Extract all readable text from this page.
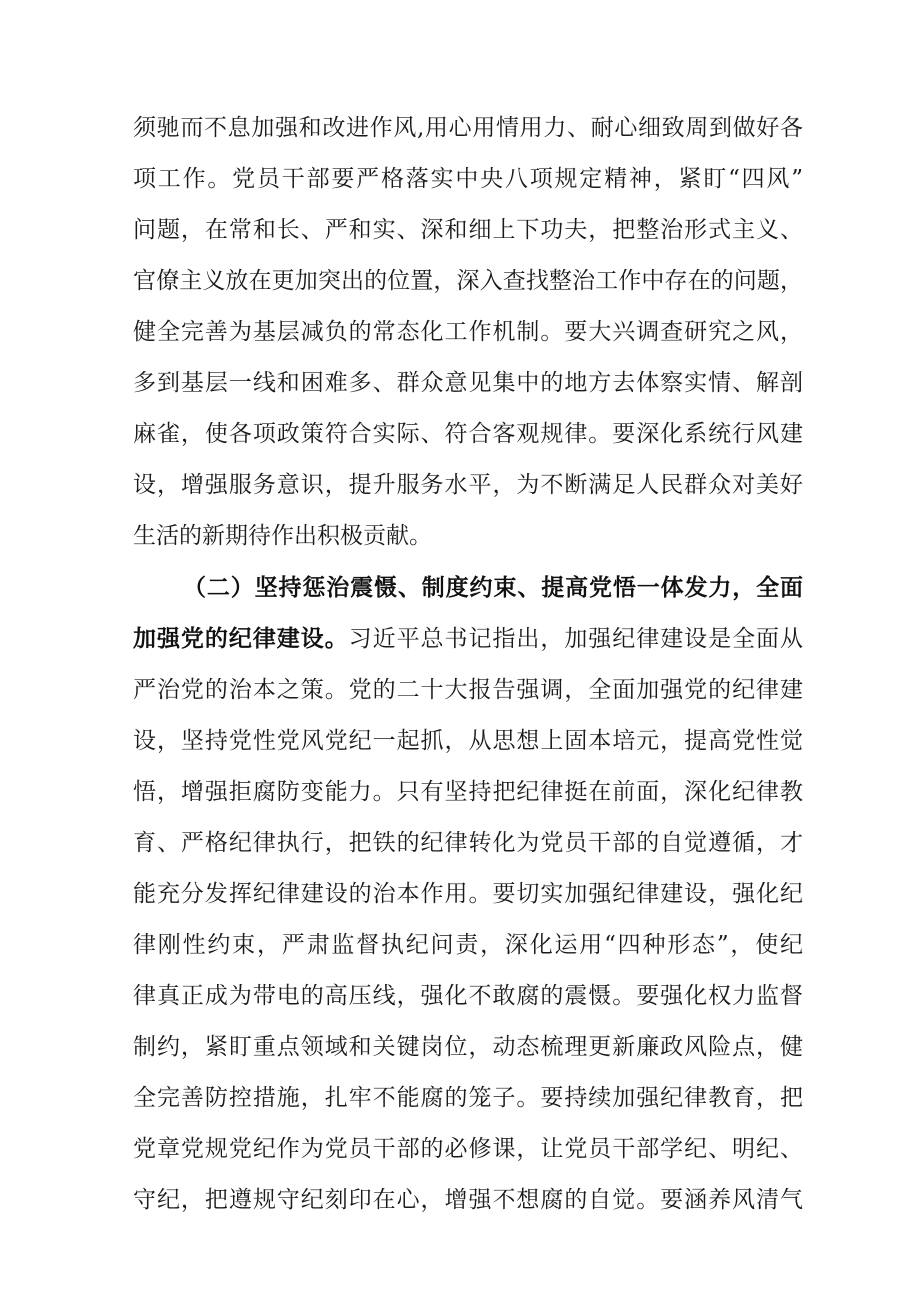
须驰而不息加强和改进作风,用心用情用力、耐心细致周到做好各
项工作。党员干部要严格落实中央八项规定精神，紧盯“四风”
问题，在常和长、严和实、深和细上下功夫，把整治形式主义、
官僚主义放在更加突出的位置，深入查找整治工作中存在的问题，
健全完善为基层减负的常态化工作机制。要大兴调查研究之风，
多到基层一线和困难多、群众意见集中的地方去体察实情、解剖
麻雀，使各项政策符合实际、符合客观规律。要深化系统行风建
设，增强服务意识，提升服务水平，为不断满足人民群众对美好
生活的新期待作出积极贡献。
（二）坚持惩治震慑、制度约束、提高党悟一体发力，全面
加强党的纪律建设。习近平总书记指出，加强纪律建设是全面从
严治党的治本之策。党的二十大报告强调，全面加强党的纪律建
设，坚持党性党风党纪一起抓，从思想上固本培元，提高党性觉
悟，增强拒腐防变能力。只有坚持把纪律挺在前面，深化纪律教
育、严格纪律执行，把铁的纪律转化为党员干部的自觉遵循，才
能充分发挥纪律建设的治本作用。要切实加强纪律建设，强化纪
律刚性约束，严肃监督执纪问责，深化运用“四种形态”，使纪
律真正成为带电的高压线，强化不敢腐的震慑。要强化权力监督
制约，紧盯重点领域和关键岗位，动态梳理更新廉政风险点，健
全完善防控措施，扎牢不能腐的笼子。要持续加强纪律教育，把
党章党规党纪作为党员干部的必修课，让党员干部学纪、明纪、
守纪，把遵规守纪刻印在心，增强不想腐的自觉。要涵养风清气
